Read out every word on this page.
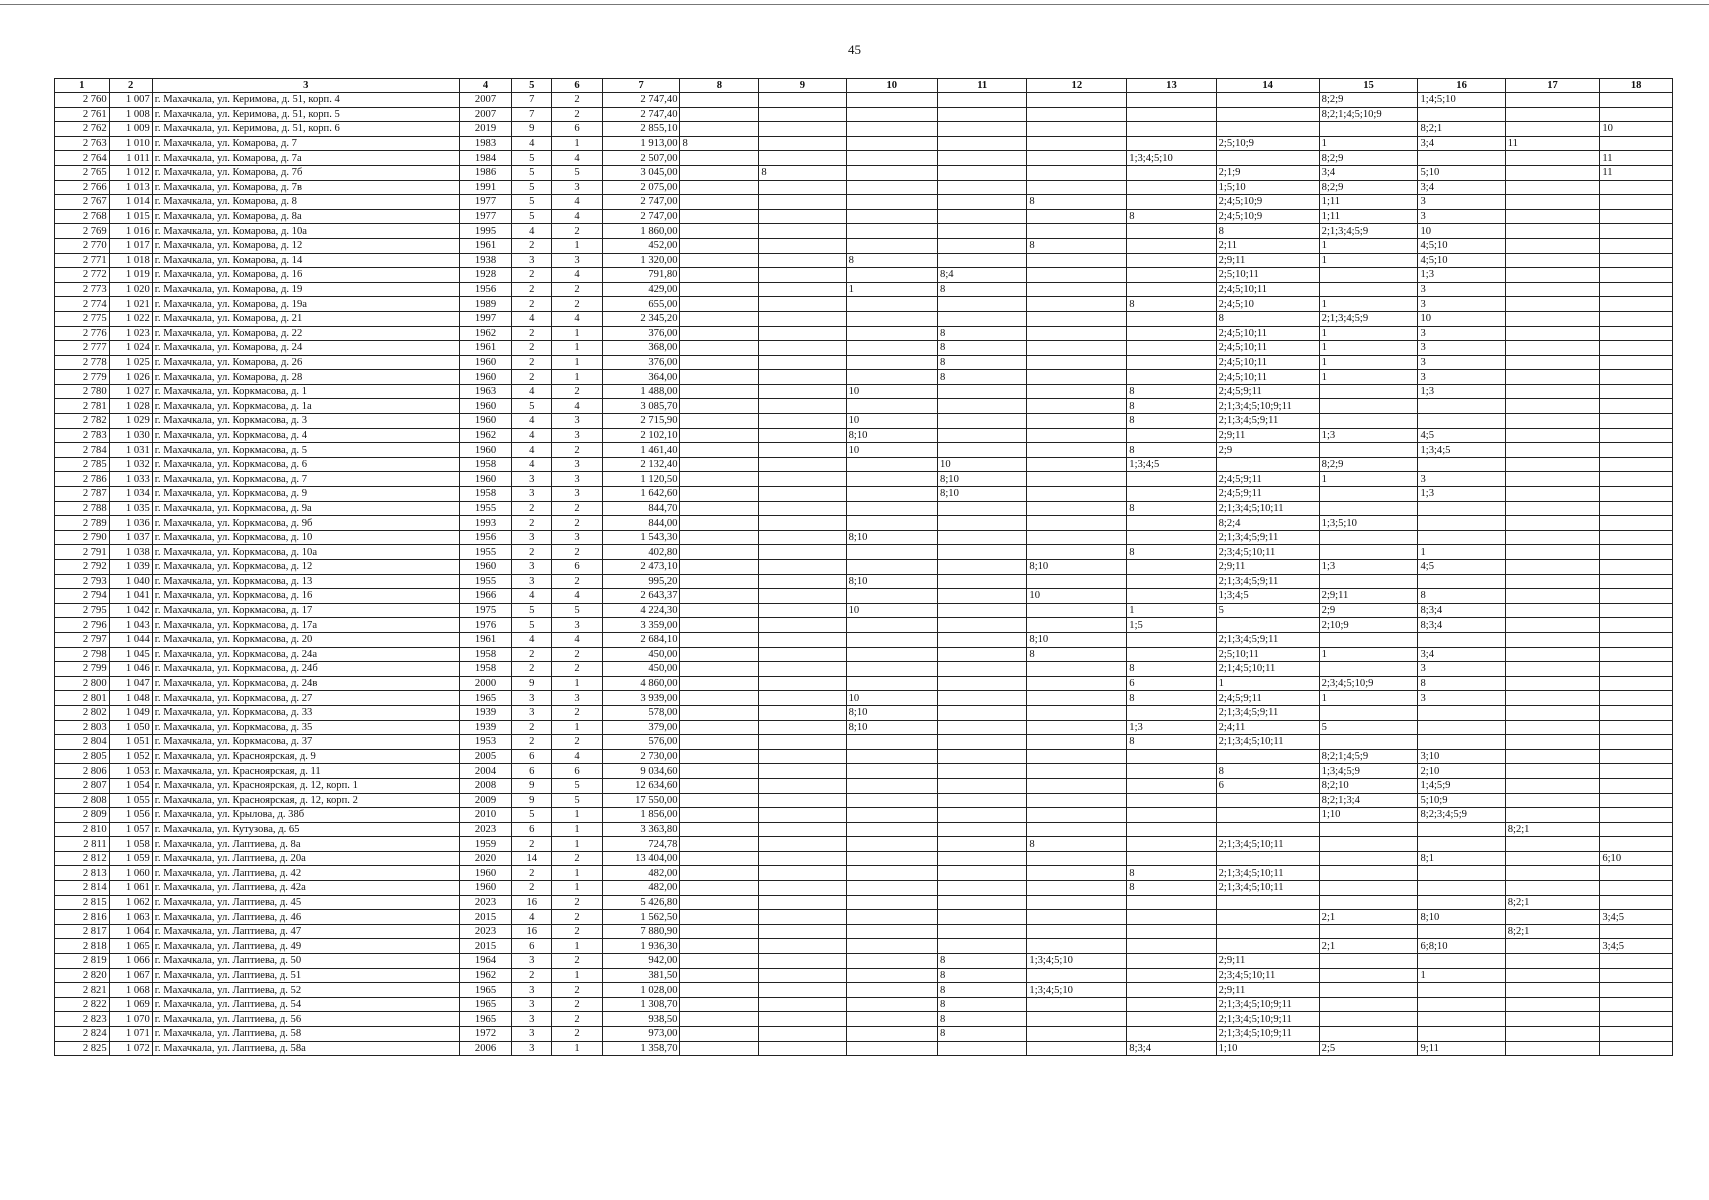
45
1	2	3	4	5	6	7	8	9	10	11	12	13	14	15	16	17	18
2 760	1 007	г. Махачкала, ул. Керимова, д. 51, корп. 4	2007	7	2	2 747,40								8;2;9	1;4;5;10		
2 761	1 008	г. Махачкала, ул. Керимова, д. 51, корп. 5	2007	7	2	2 747,40								8;2;1;4;5;10;9			
2 762	1 009	г. Махачкала, ул. Керимова, д. 51, корп. 6	2019	9	6	2 855,10									8;2;1		10
2 763	1 010	г. Махачкала, ул. Комарова, д. 7	1983	4	1	1 913,00	8						2;5;10;9	1	3;4	11	
2 764	1 011	г. Махачкала, ул. Комарова, д. 7а	1984	5	4	2 507,00						1;3;4;5;10		8;2;9			11
2 765	1 012	г. Махачкала, ул. Комарова, д. 7б	1986	5	5	3 045,00		8					2;1;9	3;4	5;10		11
2 766	1 013	г. Махачкала, ул. Комарова, д. 7в	1991	5	3	2 075,00							1;5;10	8;2;9	3;4		
2 767	1 014	г. Махачкала, ул. Комарова, д. 8	1977	5	4	2 747,00					8		2;4;5;10;9	1;11	3		
2 768	1 015	г. Махачкала, ул. Комарова, д. 8а	1977	5	4	2 747,00						8	2;4;5;10;9	1;11	3		
2 769	1 016	г. Махачкала, ул. Комарова, д. 10а	1995	4	2	1 860,00							8	2;1;3;4;5;9	10		
2 770	1 017	г. Махачкала, ул. Комарова, д. 12	1961	2	1	452,00					8		2;11	1	4;5;10		
2 771	1 018	г. Махачкала, ул. Комарова, д. 14	1938	3	3	1 320,00			8				2;9;11	1	4;5;10		
2 772	1 019	г. Махачкала, ул. Комарова, д. 16	1928	2	4	791,80				8;4			2;5;10;11		1;3		
2 773	1 020	г. Махачкала, ул. Комарова, д. 19	1956	2	2	429,00			1	8			2;4;5;10;11		3		
2 774	1 021	г. Махачкала, ул. Комарова, д. 19а	1989	2	2	655,00						8	2;4;5;10	1	3		
2 775	1 022	г. Махачкала, ул. Комарова, д. 21	1997	4	4	2 345,20							8	2;1;3;4;5;9	10		
2 776	1 023	г. Махачкала, ул. Комарова, д. 22	1962	2	1	376,00				8			2;4;5;10;11	1	3		
2 777	1 024	г. Махачкала, ул. Комарова, д. 24	1961	2	1	368,00				8			2;4;5;10;11	1	3		
2 778	1 025	г. Махачкала, ул. Комарова, д. 26	1960	2	1	376,00				8			2;4;5;10;11	1	3		
2 779	1 026	г. Махачкала, ул. Комарова, д. 28	1960	2	1	364,00				8			2;4;5;10;11	1	3		
2 780	1 027	г. Махачкала, ул. Коркмасова, д. 1	1963	4	2	1 488,00			10			8	2;4;5;9;11		1;3		
2 781	1 028	г. Махачкала, ул. Коркмасова, д. 1а	1960	5	4	3 085,70						8	2;1;3;4;5;10;9;11				
2 782	1 029	г. Махачкала, ул. Коркмасова, д. 3	1960	4	3	2 715,90			10			8	2;1;3;4;5;9;11				
2 783	1 030	г. Махачкала, ул. Коркмасова, д. 4	1962	4	3	2 102,10			8;10				2;9;11	1;3	4;5		
2 784	1 031	г. Махачкала, ул. Коркмасова, д. 5	1960	4	2	1 461,40			10			8	2;9		1;3;4;5		
2 785	1 032	г. Махачкала, ул. Коркмасова, д. 6	1958	4	3	2 132,40				10		1;3;4;5		8;2;9			
2 786	1 033	г. Махачкала, ул. Коркмасова, д. 7	1960	3	3	1 120,50				8;10			2;4;5;9;11	1	3		
2 787	1 034	г. Махачкала, ул. Коркмасова, д. 9	1958	3	3	1 642,60				8;10			2;4;5;9;11		1;3		
2 788	1 035	г. Махачкала, ул. Коркмасова, д. 9а	1955	2	2	844,70						8	2;1;3;4;5;10;11				
2 789	1 036	г. Махачкала, ул. Коркмасова, д. 9б	1993	2	2	844,00							8;2;4	1;3;5;10			
2 790	1 037	г. Махачкала, ул. Коркмасова, д. 10	1956	3	3	1 543,30			8;10				2;1;3;4;5;9;11				
2 791	1 038	г. Махачкала, ул. Коркмасова, д. 10а	1955	2	2	402,80						8	2;3;4;5;10;11		1		
2 792	1 039	г. Махачкала, ул. Коркмасова, д. 12	1960	3	6	2 473,10					8;10		2;9;11	1;3	4;5		
2 793	1 040	г. Махачкала, ул. Коркмасова, д. 13	1955	3	2	995,20			8;10				2;1;3;4;5;9;11				
2 794	1 041	г. Махачкала, ул. Коркмасова, д. 16	1966	4	4	2 643,37					10		1;3;4;5	2;9;11	8		
2 795	1 042	г. Махачкала, ул. Коркмасова, д. 17	1975	5	5	4 224,30			10			1	5	2;9	8;3;4		
2 796	1 043	г. Махачкала, ул. Коркмасова, д. 17а	1976	5	3	3 359,00						1;5		2;10;9	8;3;4		
2 797	1 044	г. Махачкала, ул. Коркмасова, д. 20	1961	4	4	2 684,10					8;10		2;1;3;4;5;9;11				
2 798	1 045	г. Махачкала, ул. Коркмасова, д. 24а	1958	2	2	450,00					8		2;5;10;11	1	3;4		
2 799	1 046	г. Махачкала, ул. Коркмасова, д. 24б	1958	2	2	450,00						8	2;1;4;5;10;11		3		
2 800	1 047	г. Махачкала, ул. Коркмасова, д. 24в	2000	9	1	4 860,00						6	1	2;3;4;5;10;9	8		
2 801	1 048	г. Махачкала, ул. Коркмасова, д. 27	1965	3	3	3 939,00			10			8	2;4;5;9;11	1	3		
2 802	1 049	г. Махачкала, ул. Коркмасова, д. 33	1939	3	2	578,00			8;10				2;1;3;4;5;9;11				
2 803	1 050	г. Махачкала, ул. Коркмасова, д. 35	1939	2	1	379,00			8;10			1;3	2;4;11	5			
2 804	1 051	г. Махачкала, ул. Коркмасова, д. 37	1953	2	2	576,00						8	2;1;3;4;5;10;11				
2 805	1 052	г. Махачкала, ул. Красноярская, д. 9	2005	6	4	2 730,00								8;2;1;4;5;9	3;10		
2 806	1 053	г. Махачкала, ул. Красноярская, д. 11	2004	6	6	9 034,60							8	1;3;4;5;9	2;10		
2 807	1 054	г. Махачкала, ул. Красноярская, д. 12, корп. 1	2008	9	5	12 634,60							6	8;2;10	1;4;5;9		
2 808	1 055	г. Махачкала, ул. Красноярская, д. 12, корп. 2	2009	9	5	17 550,00								8;2;1;3;4	5;10;9		
2 809	1 056	г. Махачкала, ул. Крылова, д. 38б	2010	5	1	1 856,00								1;10	8;2;3;4;5;9		
2 810	1 057	г. Махачкала, ул. Кутузова, д. 65	2023	6	1	3 363,80										8;2;1	
2 811	1 058	г. Махачкала, ул. Лаптиева, д. 8а	1959	2	1	724,78					8		2;1;3;4;5;10;11				
2 812	1 059	г. Махачкала, ул. Лаптиева, д. 20а	2020	14	2	13 404,00									8;1		6;10
2 813	1 060	г. Махачкала, ул. Лаптиева, д. 42	1960	2	1	482,00						8	2;1;3;4;5;10;11				
2 814	1 061	г. Махачкала, ул. Лаптиева, д. 42а	1960	2	1	482,00						8	2;1;3;4;5;10;11				
2 815	1 062	г. Махачкала, ул. Лаптиева, д. 45	2023	16	2	5 426,80										8;2;1	
2 816	1 063	г. Махачкала, ул. Лаптиева, д. 46	2015	4	2	1 562,50								2;1	8;10		3;4;5
2 817	1 064	г. Махачкала, ул. Лаптиева, д. 47	2023	16	2	7 880,90										8;2;1	
2 818	1 065	г. Махачкала, ул. Лаптиева, д. 49	2015	6	1	1 936,30								2;1	6;8;10		3;4;5
2 819	1 066	г. Махачкала, ул. Лаптиева, д. 50	1964	3	2	942,00				8	1;3;4;5;10		2;9;11				
2 820	1 067	г. Махачкала, ул. Лаптиева, д. 51	1962	2	1	381,50				8			2;3;4;5;10;11		1		
2 821	1 068	г. Махачкала, ул. Лаптиева, д. 52	1965	3	2	1 028,00				8	1;3;4;5;10		2;9;11				
2 822	1 069	г. Махачкала, ул. Лаптиева, д. 54	1965	3	2	1 308,70				8			2;1;3;4;5;10;9;11				
2 823	1 070	г. Махачкала, ул. Лаптиева, д. 56	1965	3	2	938,50				8			2;1;3;4;5;10;9;11				
2 824	1 071	г. Махачкала, ул. Лаптиева, д. 58	1972	3	2	973,00				8			2;1;3;4;5;10;9;11				
2 825	1 072	г. Махачкала, ул. Лаптиева, д. 58а	2006	3	1	1 358,70						8;3;4	1;10	2;5	9;11		
